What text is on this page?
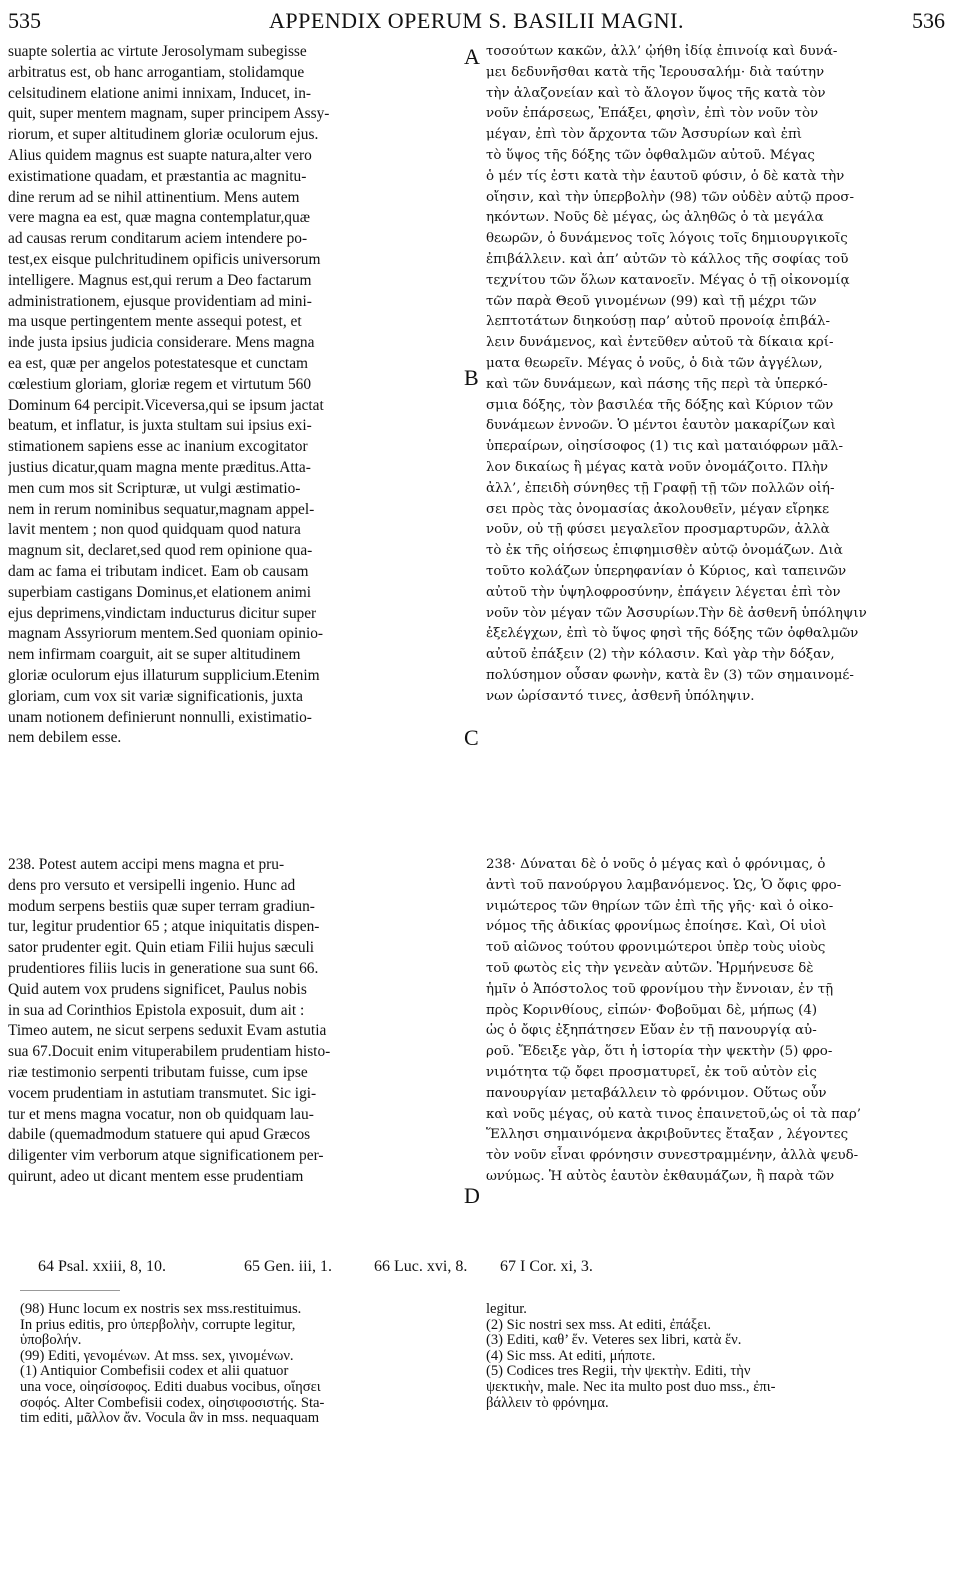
535	APPENDIX OPERUM S. BASILII MAGNI.	536
suapte solertia ac virtute Jerosolymam subegisse
arbitratus est, ob hanc arrogantiam, stolidamque
celsitudinem elatione animi innixam, Inducet, in-
quit, super mentem magnam, super principem Assy-
riorum, et super altitudinem gloriæ oculorum ejus.
Alius quidem magnus est suapte natura,alter vero
existimatione quadam, et præstantia ac magnitu-
dine rerum ad se nihil attinentium. Mens autem
vere magna ea est, quæ magna contemplatur,quæ
ad causas rerum conditarum aciem intendere po-
test,ex eisque pulchritudinem opificis universorum
intelligere. Magnus est,qui rerum a Deo factarum
administrationem, ejusque providentiam ad mini-
ma usque pertingentem mente assequi potest, et
inde justa ipsius judicia considerare. Mens magna
ea est, quæ per angelos potestatesque et cunctam
cœlestium gloriam, gloriæ regem et virtutum 560
Dominum 64 percipit.Viceversa,qui se ipsum jactat
beatum, et inflatur, is juxta stultam sui ipsius exi-
stimationem sapiens esse ac inanium excogitator
justius dicatur,quam magna mente præditus.Atta-
men cum mos sit Scripturæ, ut vulgi æstimatio-
nem in rerum nominibus sequatur,magnam appel-
lavit mentem ; non quod quidquam quod natura
magnum sit, declaret,sed quod rem opinione qua-
dam ac fama ei tributam indicet. Eam ob causam
superbiam castigans Dominus,et elationem animi
ejus deprimens,vindictam inducturus dicitur super
magnam Assyriorum mentem.Sed quoniam opinio-
nem infirmam coarguit, ait se super altitudinem
gloriæ oculorum ejus illaturum supplicium.Etenim
gloriam, cum vox sit variæ significationis, juxta
unam notionem definierunt nonnulli, existimatio-
nem debilem esse.
τοσούτων κακῶν, ἀλλ’ ᾠήθη ἰδίᾳ ἐπινοίᾳ καὶ δυνά-
μει δεδυνῆσθαι κατὰ τῆς Ἱερουσαλήμ· διὰ ταύτην
τὴν ἀλαζονείαν καὶ τὸ ἄλογον ὕψος τῆς κατὰ τὸν
νοῦν ἐπάρσεως, Ἐπάξει, φησὶν, ἐπὶ τὸν νοῦν τὸν
μέγαν, ἐπὶ τὸν ἄρχοντα τῶν Ἀσσυρίων καὶ ἐπὶ
τὸ ὕψος τῆς δόξης τῶν ὀφθαλμῶν αὐτοῦ. Μέγας
ὁ μέν τίς ἐστι κατὰ τὴν ἑαυτοῦ φύσιν, ὁ δὲ κατὰ τὴν
οἴησιν, καὶ τὴν ὑπερβολὴν (98) τῶν οὐδὲν αὐτῷ προσ-
ηκόντων. Νοῦς δὲ μέγας, ὡς ἀληθῶς ὁ τὰ μεγάλα
θεωρῶν, ὁ δυνάμενος τοῖς λόγοις τοῖς δημιουργικοῖς
ἐπιβάλλειν. καὶ ἀπ’ αὐτῶν τὸ κάλλος τῆς σοφίας τοῦ
τεχνίτου τῶν ὅλων κατανοεῖν. Μέγας ὁ τῇ οἰκονομίᾳ
τῶν παρὰ Θεοῦ γινομένων (99) καὶ τῇ μέχρι τῶν
λεπτοτάτων διηκούσῃ παρ’ αὐτοῦ προνοίᾳ ἐπιβάλ-
λειν δυνάμενος, καὶ ἐντεῦθεν αὐτοῦ τὰ δίκαια κρί-
ματα θεωρεῖν. Μέγας ὁ νοῦς, ὁ διὰ τῶν ἀγγέλων,
καὶ τῶν δυνάμεων, καὶ πάσης τῆς περὶ τὰ ὑπερκό-
σμια δόξης, τὸν βασιλέα τῆς δόξης καὶ Κύριον τῶν
δυνάμεων ἐννοῶν. Ὁ μέντοι ἑαυτὸν μακαρίζων καὶ
ὑπεραίρων, οἰησίσοφος (1) τις καὶ ματαιόφρων μᾶλ-
λον δικαίως ἢ μέγας κατὰ νοῦν ὀνομάζοιτο. Πλὴν
ἀλλ’, ἐπειδὴ σύνηθες τῇ Γραφῇ τῇ τῶν πολλῶν οἰή-
σει πρὸς τὰς ὀνομασίας ἀκολουθεῖν, μέγαν εἴρηκε
νοῦν, οὐ τῇ φύσει μεγαλεῖον προσμαρτυρῶν, ἀλλὰ
τὸ ἐκ τῆς οἰήσεως ἐπιφημισθὲν αὐτῷ ὀνομάζων. Διὰ
τοῦτο κολάζων ὑπερηφανίαν ὁ Κύριος, καὶ ταπεινῶν
αὐτοῦ τὴν ὑψηλοφροσύνην, ἐπάγειν λέγεται ἐπὶ τὸν
νοῦν τὸν μέγαν τῶν Ἀσσυρίων.Τὴν δὲ ἀσθενῆ ὑπόληψιν
ἐξελέγχων, ἐπὶ τὸ ὕψος φησὶ τῆς δόξης τῶν ὀφθαλμῶν
αὐτοῦ ἐπάξειν (2) τὴν κόλασιν. Καὶ γὰρ τὴν δόξαν,
πολύσημον οὖσαν φωνὴν, κατὰ ἓν (3) τῶν σημαινομέ-
νων ὡρίσαντό τινες, ἀσθενῆ ὑπόληψιν.
A
B
C
D
238. Potest autem accipi mens magna et pru-
dens pro versuto et versipelli ingenio. Hunc ad
modum serpens bestiis quæ super terram gradiun-
tur, legitur prudentior 65 ; atque iniquitatis dispen-
sator prudenter egit. Quin etiam Filii hujus sæculi
prudentiores filiis lucis in generatione sua sunt 66.
Quid autem vox prudens significet, Paulus nobis
in sua ad Corinthios Epistola exposuit, dum ait :
Timeo autem, ne sicut serpens seduxit Evam astutia
sua 67.Docuit enim vituperabilem prudentiam histo-
riæ testimonio serpenti tributam fuisse, cum ipse
vocem prudentiam in astutiam transmutet. Sic igi-
tur et mens magna vocatur, non ob quidquam lau-
dabile (quemadmodum statuere qui apud Græcos
diligenter vim verborum atque significationem per-
quirunt, adeo ut dicant mentem esse prudentiam
238· Δύναται δὲ ὁ νοῦς ὁ μέγας καὶ ὁ φρόνιμας, ὁ
ἀντὶ τοῦ πανούργου λαμβανόμενος. Ὡς, Ὁ ὄφις φρο-
νιμώτερος τῶν θηρίων τῶν ἐπὶ τῆς γῆς· καὶ ὁ οἰκο-
νόμος τῆς ἀδικίας φρονίμως ἐποίησε. Καὶ, Οἱ υἱοὶ
τοῦ αἰῶνος τούτου φρονιμώτεροι ὑπὲρ τοὺς υἱοὺς
τοῦ φωτὸς εἰς τὴν γενεὰν αὐτῶν. Ἡρμήνευσε δὲ
ἡμῖν ὁ Ἀπόστολος τοῦ φρονίμου τὴν ἔννοιαν, ἐν τῇ
πρὸς Κορινθίους, εἰπών· Φοβοῦμαι δὲ, μήπως (4)
ὡς ὁ ὄφις ἐξηπάτησεν Εὔαν ἐν τῇ πανουργίᾳ αὐ-
ροῦ. Ἔδειξε γὰρ, ὅτι ἡ ἱστορία τὴν ψεκτὴν (5) φρο-
νιμότητα τῷ ὄφει προσματυρεῖ, ἐκ τοῦ αὐτὸν εἰς
πανουργίαν μεταβάλλειν τὸ φρόνιμον. Οὕτως οὖν
καὶ νοῦς μέγας, οὐ κατὰ τινος ἐπαινετοῦ,ὡς οἱ τὰ παρ’
Ἕλλησι σημαινόμενα ἀκριβοῦντες ἔταξαν , λέγοντες
τὸν νοῦν εἶναι φρόνησιν συνεστραμμένην, ἀλλὰ ψευδ-
ωνύμως. Ἡ αὐτὸς ἑαυτὸν ἐκθαυμάζων, ἢ παρὰ τῶν
64 Psal. xxiii, 8, 10.	65 Gen. iii, 1.	66 Luc. xvi, 8. 67 I Cor. xi, 3.
(98) Hunc locum ex nostris sex mss.restituimus.
In prius editis, pro ὑπερβολὴν, corrupte legitur,
ὑποβολήν.
(99) Editi, γενομένων. At mss. sex, γινομένων.
(1) Antiquior Combefisii codex et alii quatuor
una voce, οἰησίσοφος. Editi duabus vocibus, οἴησει
σοφός. Alter Combefisii codex, οἰησιφοσιστής. Sta-
tim editi, μᾶλλον ἄν. Vocula ἂν in mss. nequaquam
legitur.
(2) Sic nostri sex mss. At editi, ἐπάξει.
(3) Editi, καθ’ ἕν. Veteres sex libri, κατὰ ἕν.
(4) Sic mss. At editi, μήποτε.
(5) Codices tres Regii, τὴν ψεκτὴν. Editi, τὴν
ψεκτικὴν, male. Nec ita multo post duo mss., ἐπι-
βάλλειν τὸ φρόνημα.
